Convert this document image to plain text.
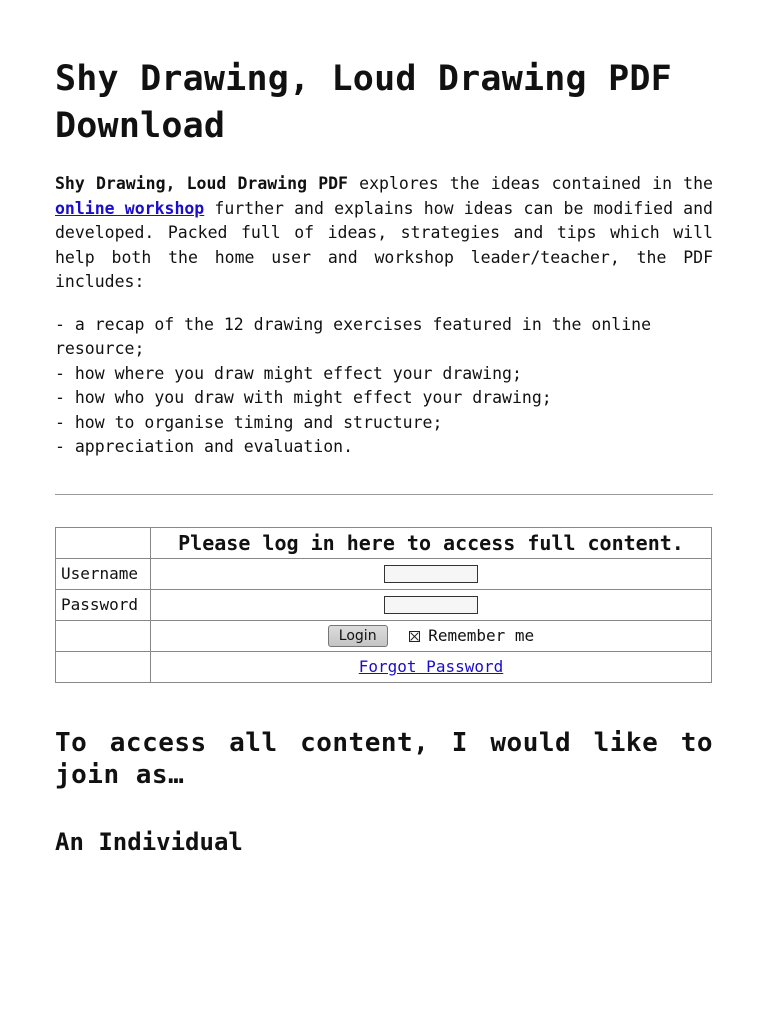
Shy Drawing, Loud Drawing PDF Download

Shy Drawing, Loud Drawing PDF explores the ideas contained in the online workshop further and explains how ideas can be modified and developed. Packed full of ideas, strategies and tips which will help both the home user and workshop leader/teacher, the PDF includes:

- a recap of the 12 drawing exercises featured in the online resource;
- how where you draw might effect your drawing;
- how who you draw with might effect your drawing;
- how to organise timing and structure;
- appreciation and evaluation.
	Please log in here to access full content.
Username	
Password	
	Login Remember me
	Forgot Password
To access all content, I would like to join as…
An Individual
